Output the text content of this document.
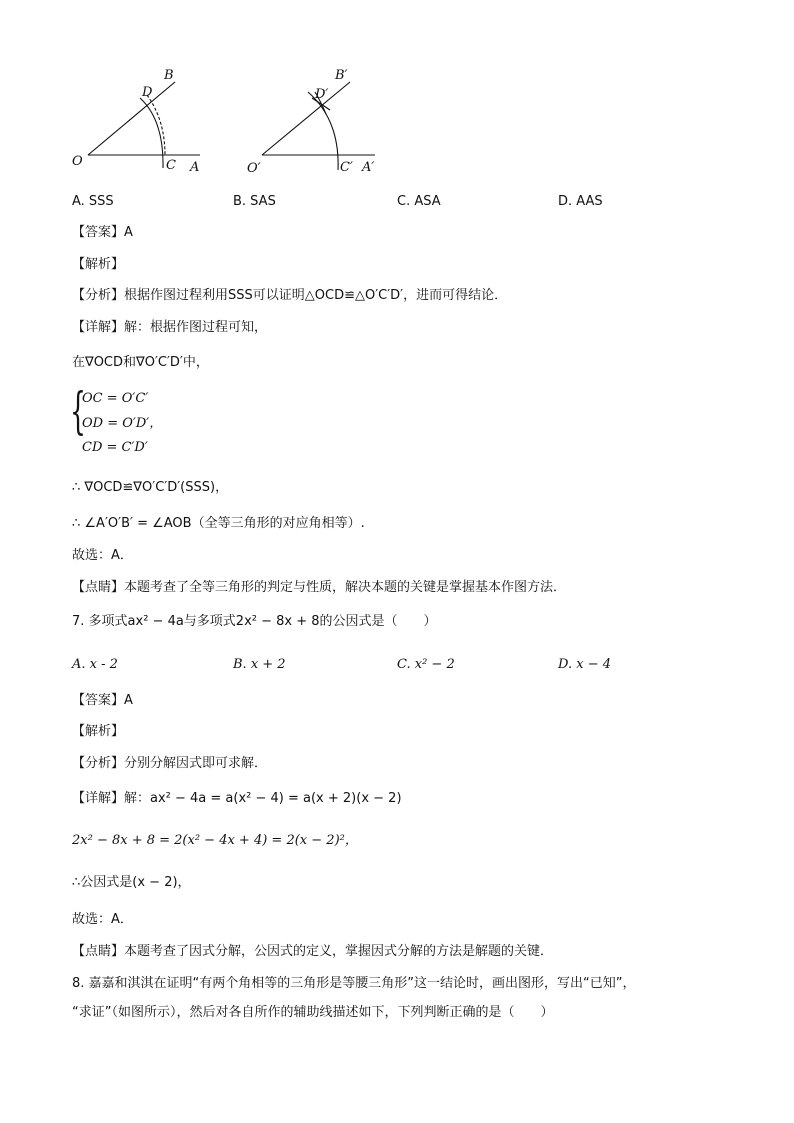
B
D
O	C A
B′
D′
O′	C′ A′
A. SSS	B. SAS	C. ASA	D. AAS
【答案】A
【解析】
【分析】根据作图过程利用SSS可以证明△OCD≌△O′C′D′，进而可得结论．
【详解】解：根据作图过程可知，
在∇OCD和∇O′C′D′中，
{
OC = O′C′
OD = O′D′，
CD = C′D′
∴ ∇OCD≌∇O′C′D′(SSS)，
∴ ∠A′O′B′ = ∠AOB（全等三角形的对应角相等）.
故选：A．
【点睛】本题考查了全等三角形的判定与性质，解决本题的关键是掌握基本作图方法．
7. 多项式ax² − 4a与多项式2x² − 8x + 8的公因式是（　　）
A. x - 2	B. x + 2	C. x² − 2	D. x − 4
【答案】A
【解析】
【分析】分别分解因式即可求解．
【详解】解：ax² − 4a = a(x² − 4) = a(x + 2)(x − 2)
2x² − 8x + 8 = 2(x² − 4x + 4) = 2(x − 2)²，
∴公因式是(x − 2)，
故选：A．
【点睛】本题考查了因式分解，公因式的定义，掌握因式分解的方法是解题的关键．
8. 嘉嘉和淇淇在证明“有两个角相等的三角形是等腰三角形”这一结论时，画出图形，写出“已知”，
“求证”（如图所示），然后对各自所作的辅助线描述如下，下列判断正确的是（　　）
